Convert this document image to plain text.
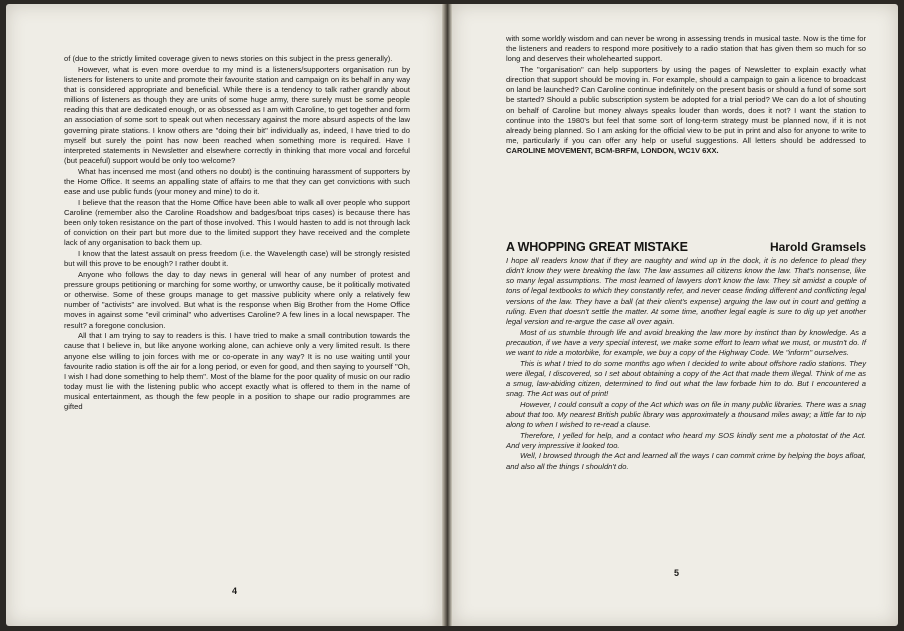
of (due to the strictly limited coverage given to news stories on this subject in the press generally).

However, what is even more overdue to my mind is a listeners/supporters organisation run by listeners for listeners to unite and promote their favourite station and campaign on its behalf in any way that is considered appropriate and beneficial. While there is a tendency to talk rather grandly about millions of listeners as though they are units of some huge army, there surely must be some people reading this that are dedicated enough, or as obsessed as I am with Caroline, to get together and form an association of some sort to speak out when necessary against the more absurd aspects of the law governing pirate stations. I know others are "doing their bit" individually as, indeed, I have tried to do myself but surely the point has now been reached when something more is required. Have I interpreted statements in Newsletter and elsewhere correctly in thinking that more vocal and forceful (but peaceful) support would be only too welcome?

What has incensed me most (and others no doubt) is the continuing harassment of supporters by the Home Office. It seems an appalling state of affairs to me that they can get convictions with such ease and use public funds (your money and mine) to do it.

I believe that the reason that the Home Office have been able to walk all over people who support Caroline (remember also the Caroline Roadshow and badges/boat trips cases) is because there has been only token resistance on the part of those involved. This I would hasten to add is not through lack of conviction on their part but more due to the limited support they have received and the complete lack of any organisation to back them up.

I know that the latest assault on press freedom (i.e. the Wavelength case) will be strongly resisted but will this prove to be enough? I rather doubt it.

Anyone who follows the day to day news in general will hear of any number of protest and pressure groups petitioning or marching for some worthy, or unworthy cause, be it politically motivated or otherwise. Some of these groups manage to get massive publicity where only a relatively few number of "activists" are involved. But what is the response when Big Brother from the Home Office moves in against some "evil criminal" who advertises Caroline? A few lines in a local newspaper. The result? a foregone conclusion.

All that I am trying to say to readers is this. I have tried to make a small contribution towards the cause that I believe in, but like anyone working alone, can achieve only a very limited result. Is there anyone else willing to join forces with me or co-operate in any way? It is no use waiting until your favourite radio station is off the air for a long period, or even for good, and then saying to yourself "Oh, I wish I had done something to help them". Most of the blame for the poor quality of music on our radio today must lie with the listening public who accept exactly what is offered to them in the name of musical entertainment, as though the few people in a position to shape our radio programmes are gifted

4

with some worldly wisdom and can never be wrong in assessing trends in musical taste. Now is the time for the listeners and readers to respond more positively to a radio station that has given them so much for so long and deserves their wholehearted support.

The "organisation" can help supporters by using the pages of Newsletter to explain exactly what direction that support should be moving in. For example, should a campaign to gain a licence to broadcast on land be launched? Can Caroline continue indefinitely on the present basis or should a fund of some sort be started? Should a public subscription system be adopted for a trial period? We can do a lot of shouting on behalf of Caroline but money always speaks louder than words, does it not? I want the station to continue into the 1980's but feel that some sort of long-term strategy must be planned now, if it is not already being planned. So I am asking for the official view to be put in print and also for anyone to write to me, particularly if you can offer any help or useful suggestions. All letters should be addressed to CAROLINE MOVEMENT, BCM-BRFM, LONDON, WC1V 6XX.

A WHOPPING GREAT MISTAKE	Harold Gramsels

I hope all readers know that if they are naughty and wind up in the dock, it is no defence to plead they didn't know they were breaking the law. The law assumes all citizens know the law. That's nonsense, like so many legal assumptions. The most learned of lawyers don't know the law. They sit amidst a couple of tons of legal textbooks to which they constantly refer, and never cease finding different and conflicting legal versions of the law. They have a ball (at their client's expense) arguing the law out in court and getting a ruling. Even that doesn't settle the matter. At some time, another legal eagle is sure to dig up yet another legal version and re-argue the case all over again.

Most of us stumble through life and avoid breaking the law more by instinct than by knowledge. As a precaution, if we have a very special interest, we make some effort to learn what we must, or mustn't do. If we want to ride a motorbike, for example, we buy a copy of the Highway Code. We "inform" ourselves.

This is what I tried to do some months ago when I decided to write about offshore radio stations. They were illegal, I discovered, so I set about obtaining a copy of the Act that made them illegal. Think of me as a smug, law-abiding citizen, determined to find out what the law forbade him to do. But I encountered a snag. The Act was out of print!

However, I could consult a copy of the Act which was on file in many public libraries. There was a snag about that too. My nearest British public library was approximately a thousand miles away; a little far to nip along to when I wished to re-read a clause.

Therefore, I yelled for help, and a contact who heard my SOS kindly sent me a photostat of the Act. And very impressive it looked too.

Well, I browsed through the Act and learned all the ways I can commit crime by helping the boys afloat, and also all the things I shouldn't do.

5
